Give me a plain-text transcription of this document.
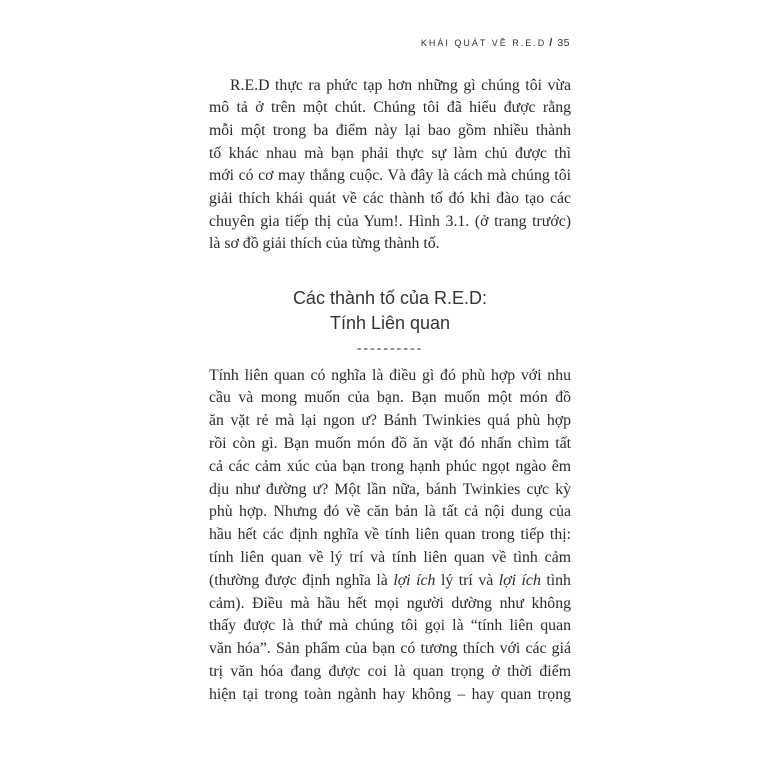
KHÁI QUÁT VỀ R.E.D / 35
R.E.D thực ra phức tạp hơn những gì chúng tôi vừa
mô tả ở trên một chút. Chúng tôi đã hiểu được rằng
mỗi một trong ba điểm này lại bao gồm nhiều thành
tố khác nhau mà bạn phải thực sự làm chủ được thì
mới có cơ may thắng cuộc. Và đây là cách mà chúng tôi
giải thích khái quát về các thành tố đó khi đào tạo các
chuyên gia tiếp thị của Yum!. Hình 3.1. (ở trang trước)
là sơ đồ giải thích của từng thành tố.
Các thành tố của R.E.D:
Tính Liên quan
----------
Tính liên quan có nghĩa là điều gì đó phù hợp với nhu
cầu và mong muốn của bạn. Bạn muốn một món đồ
ăn vặt rẻ mà lại ngon ư? Bánh Twinkies quá phù hợp
rồi còn gì. Bạn muốn món đồ ăn vặt đó nhấn chìm tất
cả các cảm xúc của bạn trong hạnh phúc ngọt ngào êm
dịu như đường ư? Một lần nữa, bánh Twinkies cực kỳ
phù hợp. Nhưng đó về căn bản là tất cả nội dung của
hầu hết các định nghĩa về tính liên quan trong tiếp thị:
tính liên quan về lý trí và tính liên quan về tình cảm
(thường được định nghĩa là lợi ích lý trí và lợi ích tình
cảm). Điều mà hầu hết mọi người dường như không
thấy được là thứ mà chúng tôi gọi là “tính liên quan
văn hóa”. Sản phẩm của bạn có tương thích với các giá
trị văn hóa đang được coi là quan trọng ở thời điểm
hiện tại trong toàn ngành hay không – hay quan trọng
